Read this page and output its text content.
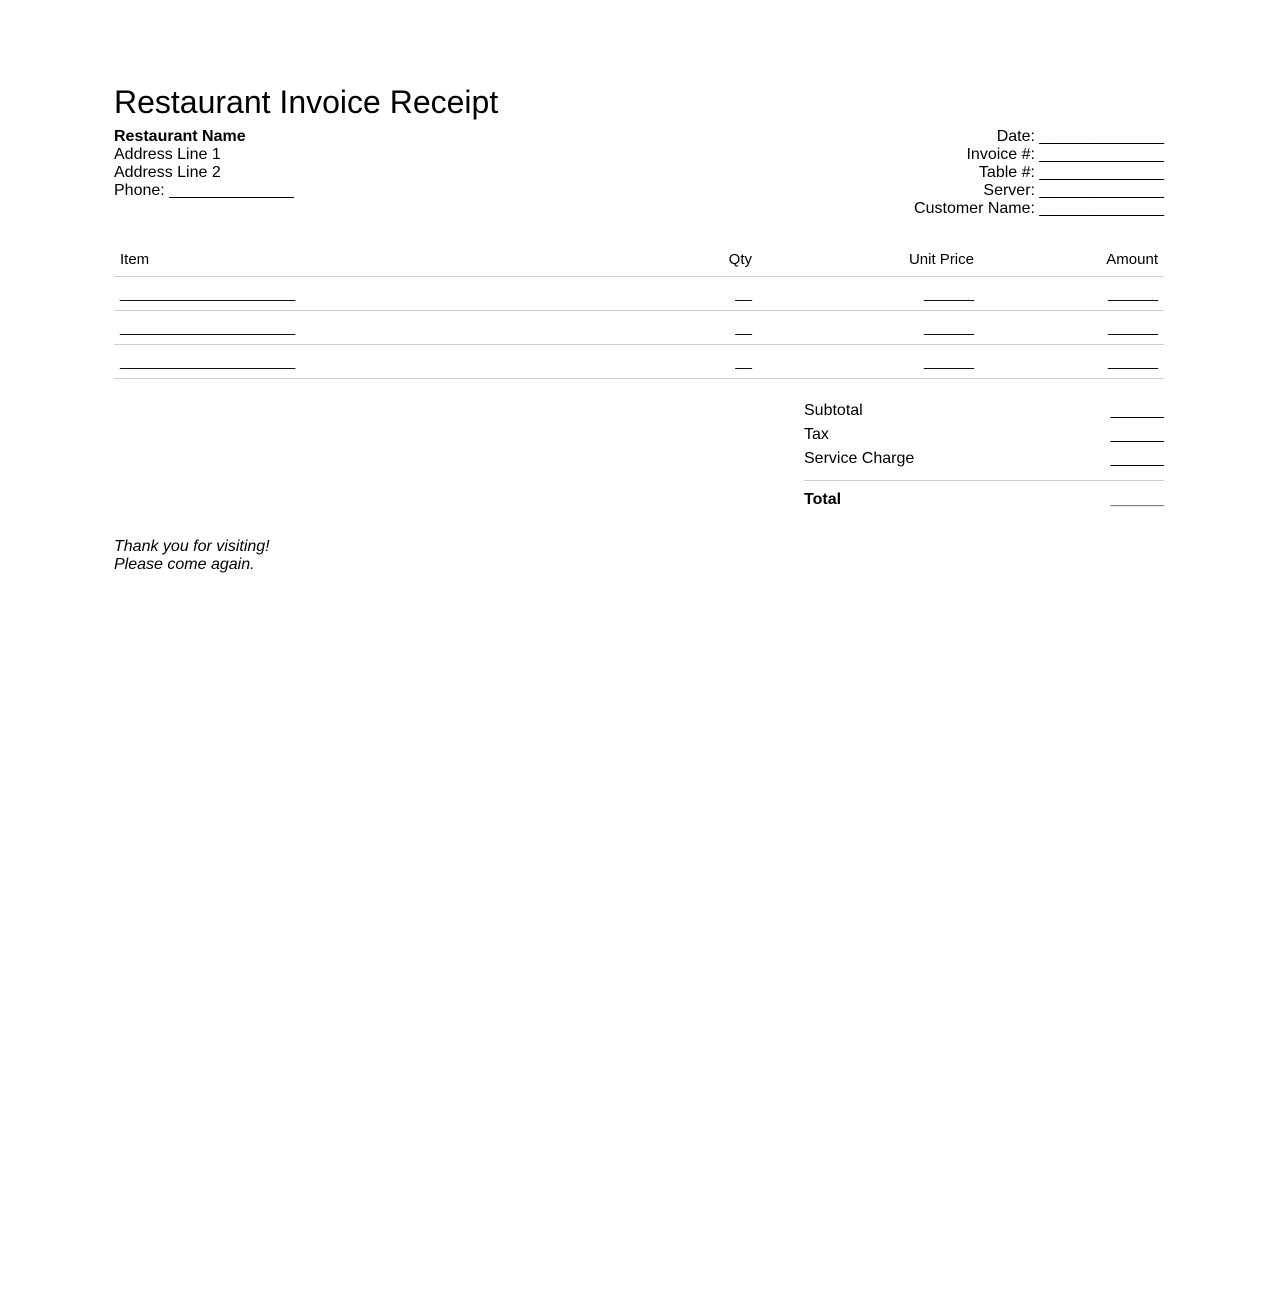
Restaurant Invoice Receipt
Restaurant Name
Address Line 1
Address Line 2
Phone: ______________
Date: ______________
Invoice #: ______________
Table #: ______________
Server: ______________
Customer Name: ______________
Item	Qty	Unit Price	Amount
_____________________	__	______	______
_____________________	__	______	______
_____________________	__	______	______
Subtotal	______
Tax	______
Service Charge	______
Total	______
Thank you for visiting!
Please come again.
